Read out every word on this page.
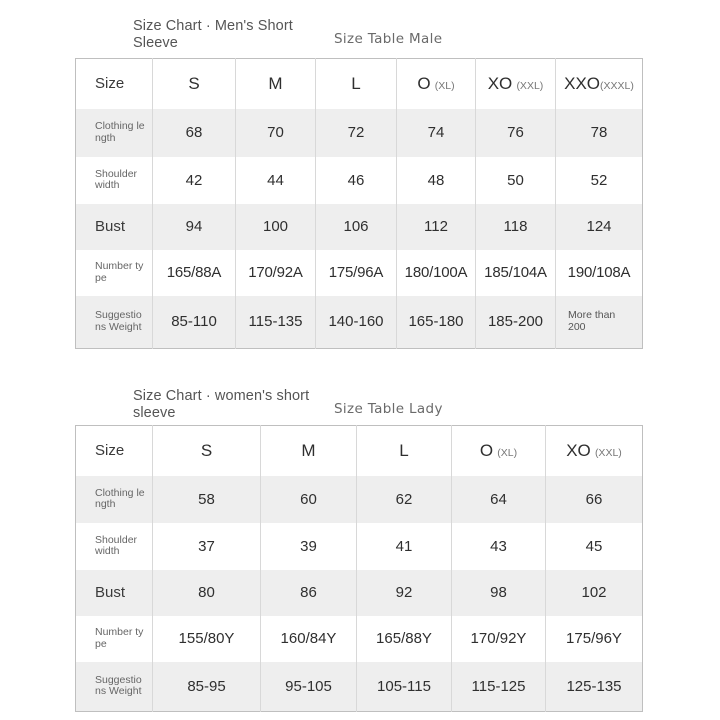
Size Chart · Men's Short Sleeve	Size Table Male
Size	S	M	L	O (XL)	XO (XXL)	XXO(XXXL)

Clothing length	68	70	72	74	76	78

Shoulder width	42	44	46	48	50	52
Bust	94	100	106	112	118	124

Number type	165/88A	170/92A	175/96A	180/100A	185/104A	190/108A

Suggestions Weight	85-110	115-135	140-160	165-180	185-200	More than 200
Size Chart · women's short sleeve	Size Table Lady
Size	S	M	L	O (XL)	XO (XXL)

Clothing length	58	60	62	64	66

Shoulder width	37	39	41	43	45
Bust	80	86	92	98	102

Number type	155/80Y	160/84Y	165/88Y	170/92Y	175/96Y

Suggestions Weight	85-95	95-105	105-115	115-125	125-135
